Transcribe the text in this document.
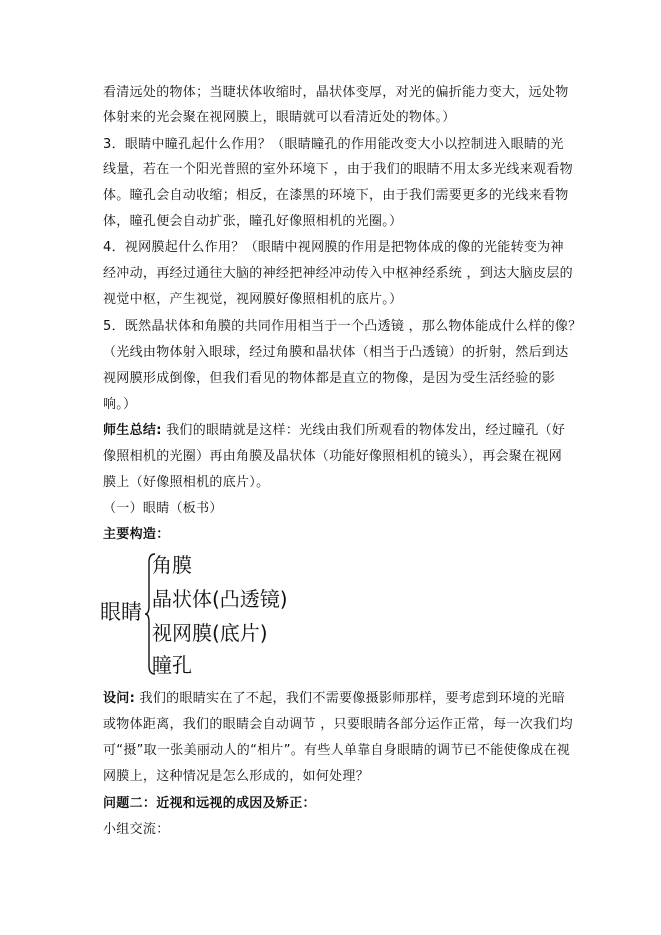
看清远处的物体；当睫状体收缩时，晶状体变厚，对光的偏折能力变大，远处物
体射来的光会聚在视网膜上，眼睛就可以看清近处的物体。）
3．眼睛中瞳孔起什么作用？（眼睛瞳孔的作用能改变大小以控制进入眼睛的光
线量，若在一个阳光普照的室外环境下 ，由于我们的眼睛不用太多光线来观看物
体。瞳孔会自动收缩；相反，在漆黑的环境下，由于我们需要更多的光线来看物
体，瞳孔便会自动扩张，瞳孔好像照相机的光圈。）
4．视网膜起什么作用？（眼睛中视网膜的作用是把物体成的像的光能转变为神
经冲动，再经过通往大脑的神经把神经冲动传入中枢神经系统 ，到达大脑皮层的
视觉中枢，产生视觉，视网膜好像照相机的底片。）
5．既然晶状体和角膜的共同作用相当于一个凸透镜 ，那么物体能成什么样的像？
（光线由物体射入眼球，经过角膜和晶状体（相当于凸透镜）的折射，然后到达
视网膜形成倒像，但我们看见的物体都是直立的物像，是因为受生活经验的影
响。）
师生总结: 我们的眼睛就是这样：光线由我们所观看的物体发出，经过瞳孔（好
像照相机的光圈）再由角膜及晶状体（功能好像照相机的镜头），再会聚在视网
膜上（好像照相机的底片）。
（一）眼睛（板书）
主要构造：
眼睛
角膜
晶状体(凸透镜)
视网膜(底片)
瞳孔
设问: 我们的眼睛实在了不起，我们不需要像摄影师那样，要考虑到环境的光暗
或物体距离，我们的眼睛会自动调节 ，只要眼睛各部分运作正常，每一次我们均
可“摄”取一张美丽动人的“相片”。有些人单靠自身眼睛的调节已不能使像成在视
网膜上，这种情况是怎么形成的，如何处理？
问题二：近视和远视的成因及矫正：
小组交流：
